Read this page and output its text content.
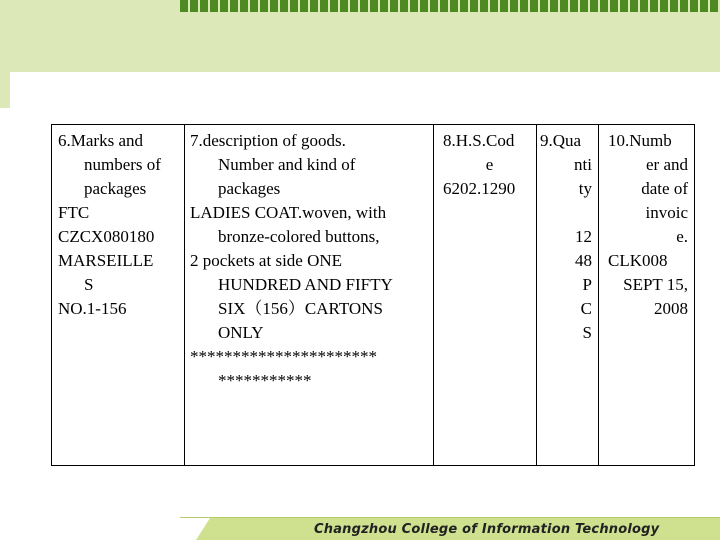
6.Marks and
numbers of
packages
FTC
CZCX080180
MARSEILLE
S
NO.1-156
7.description of goods.
Number and kind of
packages
LADIES COAT.woven, with
bronze-colored buttons,
2 pockets at side ONE
HUNDRED AND FIFTY
SIX（156）CARTONS
ONLY
**********************
***********
8.H.S.Cod
e
6202.1290
9.Qua
nti
ty
12
48
P
C
S
10.Numb
er and
date of
invoic
e.
CLK008
SEPT 15,
2008
Changzhou College of Information Technology
